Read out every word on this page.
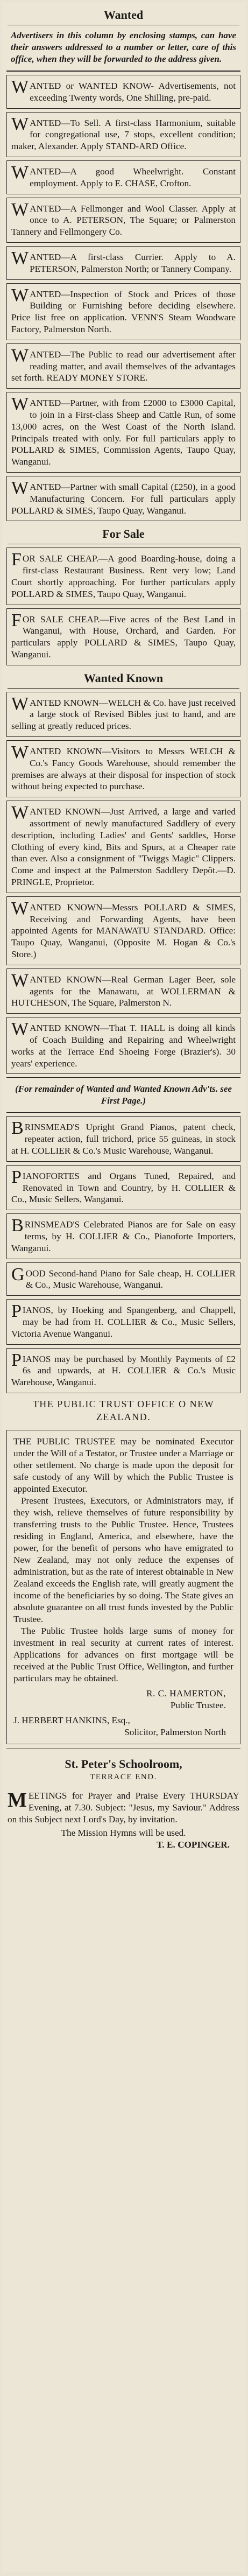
Wanted
Advertisers in this column by enclosing stamps, can have their answers addressed to a number or letter, care of this office, when they will be forwarded to the address given.
WANTED or WANTED KNOW- Advertisements, not exceeding Twenty words, One Shilling, pre-paid.
WANTED—To Sell. A first-class Harmonium, suitable for congregational use, 7 stops, excellent condition; maker, Alexander. Apply STAND-ARD Office.
WANTED—A good Wheelwright. Constant employment. Apply to E. CHASE, Crofton.
WANTED—A Fellmonger and Wool Classer. Apply at once to A. PETERSON, The Square; or Palmerston Tannery and Fellmongery Co.
WANTED—A first-class Currier. Apply to A. PETERSON, Palmerston North; or Tannery Company.
WANTED—Inspection of Stock and Prices of those Building or Furnishing before deciding elsewhere. Price list free on application. VENN'S Steam Woodware Factory, Palmerston North.
WANTED—The Public to read our advertisement after reading matter, and avail themselves of the advantages set forth. READY MONEY STORE.
WANTED—Partner, with from £2000 to £3000 Capital, to join in a First-class Sheep and Cattle Run, of some 13,000 acres, on the West Coast of the North Island. Principals treated with only. For full particulars apply to POLLARD & SIMES, Commission Agents, Taupo Quay, Wanganui.
WANTED—Partner with small Capital (£250), in a good Manufacturing Concern. For full particulars apply POLLARD & SIMES, Taupo Quay, Wanganui.
For Sale
FOR SALE CHEAP.—A good Boarding-house, doing a first-class Restaurant Business. Rent very low; Land Court shortly approaching. For further particulars apply POLLARD & SIMES, Taupo Quay, Wanganui.
FOR SALE CHEAP.—Five acres of the Best Land in Wanganui, with House, Orchard, and Garden. For particulars apply POLLARD & SIMES, Taupo Quay, Wanganui.
Wanted Known
WANTED KNOWN—WELCH & Co. have just received a large stock of Revised Bibles just to hand, and are selling at greatly reduced prices.
WANTED KNOWN—Visitors to Messrs WELCH & Co.'s Fancy Goods Warehouse, should remember the premises are always at their disposal for inspection of stock without being expected to purchase.
WANTED KNOWN—Just Arrived, a large and varied assortment of newly manufactured Saddlery of every description, including Ladies' and Gents' saddles, Horse Clothing of every kind, Bits and Spurs, at a Cheaper rate than ever. Also a consignment of "Twiggs Magic" Clippers. Come and inspect at the Palmerston Saddlery Depôt.—D. PRINGLE, Proprietor.
WANTED KNOWN—Messrs POLLARD & SIMES, Receiving and Forwarding Agents, have been appointed Agents for MANAWATU STANDARD. Office: Taupo Quay, Wanganui, (Opposite M. Hogan & Co.'s Store.)
WANTED KNOWN—Real German Lager Beer, sole agents for the Manawatu, at WOLLERMAN & HUTCHESON, The Square, Palmerston N.
WANTED KNOWN—That T. HALL is doing all kinds of Coach Building and Repairing and Wheelwright works at the Terrace End Shoeing Forge (Brazier's). 30 years' experience.
(For remainder of Wanted and Wanted Known Adv'ts. see First Page.)
BRINSMEAD'S Upright Grand Pianos, patent check, repeater action, full trichord, price 55 guineas, in stock at H. COLLIER & Co.'s Music Warehouse, Wanganui.
PIANOFORTES and Organs Tuned, Repaired, and Renovated in Town and Country, by H. COLLIER & Co., Music Sellers, Wanganui.
BRINSMEAD'S Celebrated Pianos are for Sale on easy terms, by H. COLLIER & Co., Pianoforte Importers, Wanganui.
GOOD Second-hand Piano for Sale cheap, H. COLLIER & Co., Music Warehouse, Wanganui.
PIANOS, by Hoeking and Spangenberg, and Chappell, may be had from H. COLLIER & Co., Music Sellers, Victoria Avenue Wanganui.
PIANOS may be purchased by Monthly Payments of £2 6s and upwards, at H. COLLIER & Co.'s Music Warehouse, Wanganui.
THE PUBLIC TRUST OFFICE O NEW ZEALAND.

THE PUBLIC TRUSTEE may be nominated Executor under the Will of a Testator, or Trustee under a Marriage or other settlement. No charge is made upon the deposit for safe custody of any Will by which the Public Trustee is appointed Executor.

Present Trustees, Executors, or Administrators may, if they wish, relieve themselves of future responsibility by transferring trusts to the Public Trustee. Hence, Trustees residing in England, America, and elsewhere, have the power, for the benefit of persons who have emigrated to New Zealand, may not only reduce the expenses of administration, but as the rate of interest obtainable in New Zealand exceeds the English rate, will greatly augment the income of the beneficiaries by so doing. The State gives an absolute guarantee on all trust funds invested by the Public Trustee.

The Public Trustee holds large sums of money for investment in real security at current rates of interest. Applications for advances on first mortgage will be received at the Public Trust Office, Wellington, and further particulars may be obtained.

R. C. HAMERTON,
Public Trustee.
J. HERBERT HANKINS, Esq.,
Solicitor, Palmerston North
St. Peter's Schoolroom,
TERRACE END.
MEETINGS for Prayer and Praise Every THURSDAY Evening, at 7.30. Subject: "Jesus, my Saviour." Address on this Subject next Lord's Day, by invitation.
The Mission Hymns will be used.
T. E. COPINGER.
